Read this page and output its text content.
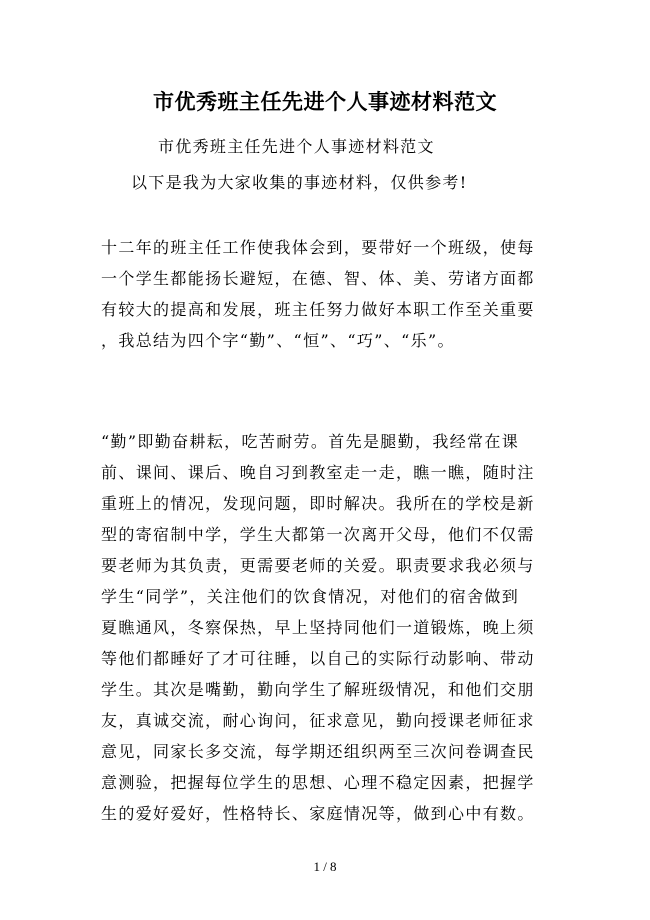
市优秀班主任先进个人事迹材料范文

市优秀班主任先进个人事迹材料范文

以下是我为大家收集的事迹材料，仅供参考!

十二年的班主任工作使我体会到，要带好一个班级，使每
一个学生都能扬长避短，在德、智、体、美、劳诸方面都
有较大的提高和发展，班主任努力做好本职工作至关重要
，我总结为四个字“勤”、“恒”、“巧”、“乐”。
“勤”即勤奋耕耘，吃苦耐劳。首先是腿勤，我经常在课
前、课间、课后、晚自习到教室走一走，瞧一瞧，随时注
重班上的情况，发现问题，即时解决。我所在的学校是新
型的寄宿制中学，学生大都第一次离开父母，他们不仅需
要老师为其负责，更需要老师的关爱。职责要求我必须与
学生“同学”，关注他们的饮食情况，对他们的宿舍做到
夏瞧通风，冬察保热，早上坚持同他们一道锻炼，晚上须
等他们都睡好了才可往睡，以自己的实际行动影响、带动
学生。其次是嘴勤，勤向学生了解班级情况，和他们交朋
友，真诚交流，耐心询问，征求意见，勤向授课老师征求
意见，同家长多交流，每学期还组织两至三次问卷调查民
意测验，把握每位学生的思想、心理不稳定因素，把握学
生的爱好爱好，性格特长、家庭情况等，做到心中有数。
1 / 8
